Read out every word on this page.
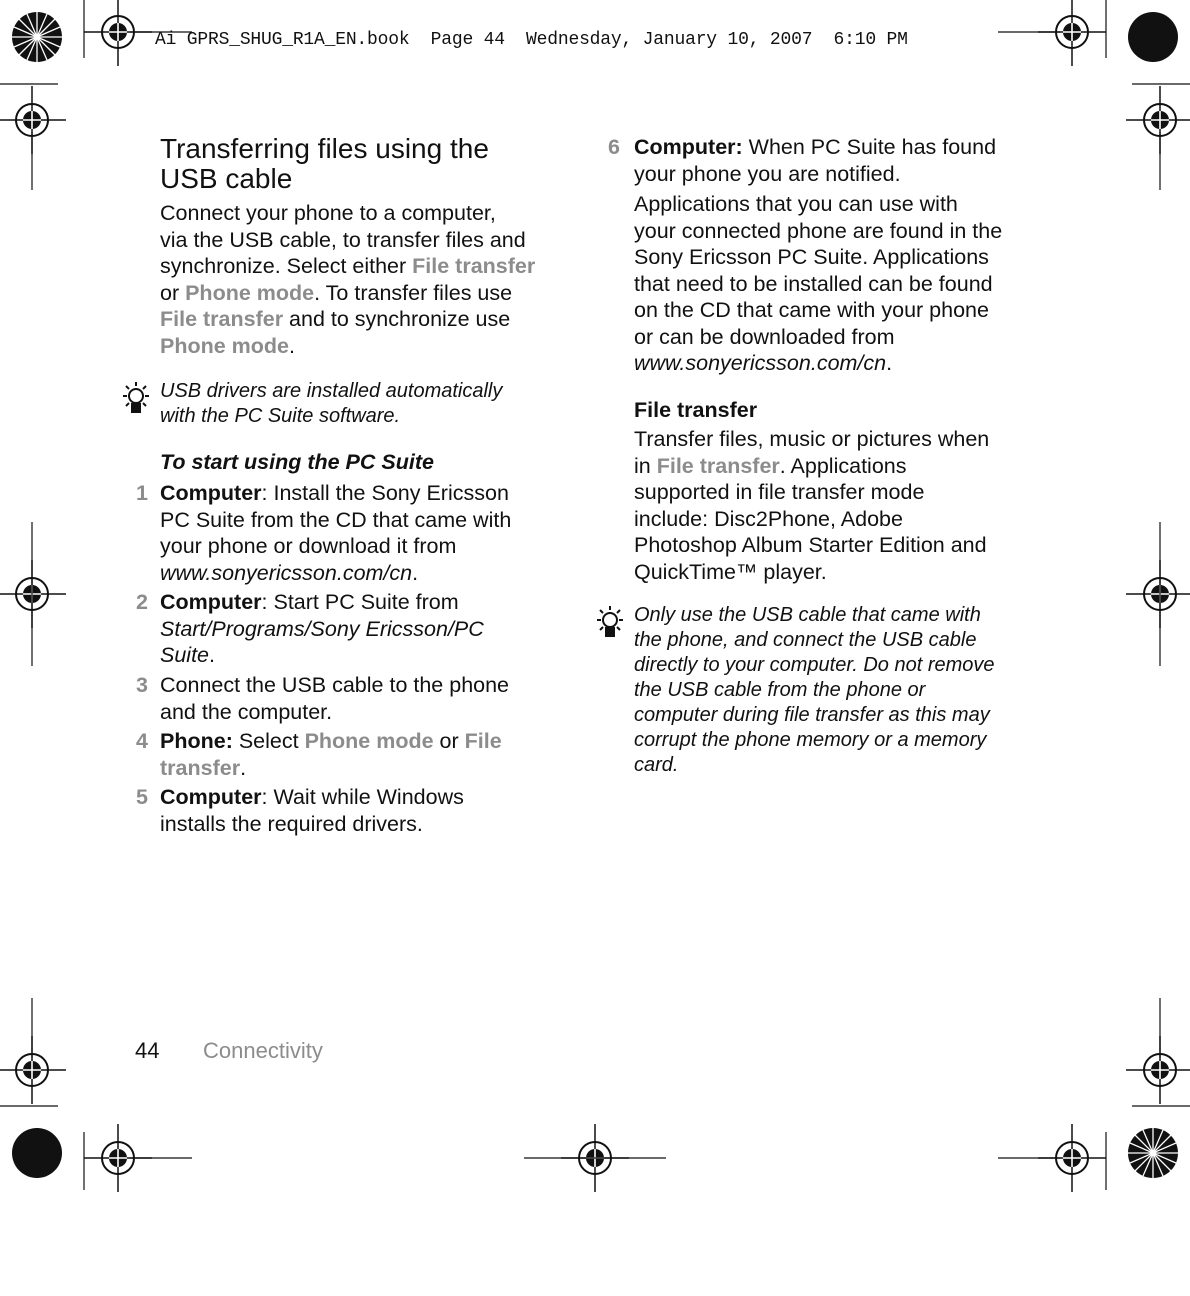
Ai GPRS_SHUG_R1A_EN.book  Page 44  Wednesday, January 10, 2007  6:10 PM
Transferring files using the
USB cable

Connect your phone to a computer,
via the USB cable, to transfer files and
synchronize. Select either File transfer
or Phone mode. To transfer files use
File transfer and to synchronize use
Phone mode.

USB drivers are installed automatically
with the PC Suite software.

To start using the PC Suite
1 Computer: Install the Sony Ericsson
PC Suite from the CD that came with
your phone or download it from
www.sonyericsson.com/cn.

2 Computer: Start PC Suite from
Start/Programs/Sony Ericsson/PC
Suite.

3 Connect the USB cable to the phone
and the computer.

4 Phone: Select Phone mode or File
transfer.

5 Computer: Wait while Windows
installs the required drivers.

6 Computer: When PC Suite has found
your phone you are notified.

Applications that you can use with
your connected phone are found in the
Sony Ericsson PC Suite. Applications
that need to be installed can be found
on the CD that came with your phone
or can be downloaded from
www.sonyericsson.com/cn.

File transfer

Transfer files, music or pictures when
in File transfer. Applications
supported in file transfer mode
include: Disc2Phone, Adobe
Photoshop Album Starter Edition and
QuickTime™ player.

Only use the USB cable that came with
the phone, and connect the USB cable
directly to your computer. Do not remove
the USB cable from the phone or
computer during file transfer as this may
corrupt the phone memory or a memory
card.

44 Connectivity
